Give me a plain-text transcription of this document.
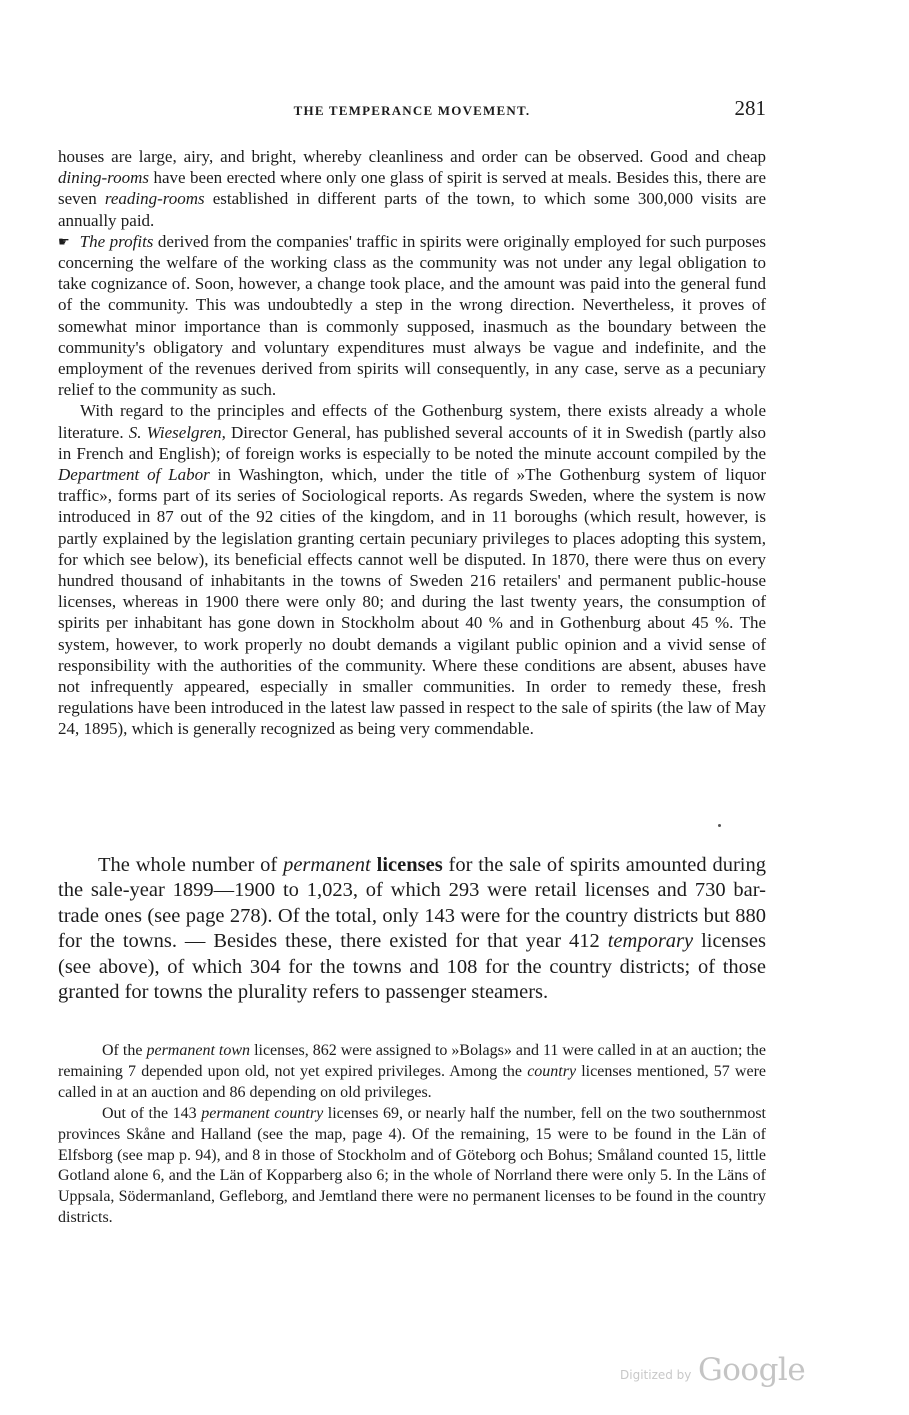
THE TEMPERANCE MOVEMENT.	281

houses are large, airy, and bright, whereby cleanliness and order can be observed. Good and cheap dining-rooms have been erected where only one glass of spirit is served at meals. Besides this, there are seven reading-rooms established in different parts of the town, to which some 300,000 visits are annually paid.

☛ The profits derived from the companies' traffic in spirits were originally employed for such purposes concerning the welfare of the working class as the community was not under any legal obligation to take cognizance of. Soon, however, a change took place, and the amount was paid into the general fund of the community. This was undoubtedly a step in the wrong direction. Nevertheless, it proves of somewhat minor importance than is commonly supposed, inasmuch as the boundary between the community's obligatory and voluntary expenditures must always be vague and indefinite, and the employment of the revenues derived from spirits will consequently, in any case, serve as a pecuniary relief to the community as such.

With regard to the principles and effects of the Gothenburg system, there exists already a whole literature. S. Wieselgren, Director General, has published several accounts of it in Swedish (partly also in French and English); of foreign works is especially to be noted the minute account compiled by the Department of Labor in Washington, which, under the title of »The Gothenburg system of liquor traffic», forms part of its series of Sociological reports. As regards Sweden, where the system is now introduced in 87 out of the 92 cities of the kingdom, and in 11 boroughs (which result, however, is partly explained by the legislation granting certain pecuniary privileges to places adopting this system, for which see below), its beneficial effects cannot well be disputed. In 1870, there were thus on every hundred thousand of inhabitants in the towns of Sweden 216 retailers' and permanent public-house licenses, whereas in 1900 there were only 80; and during the last twenty years, the consumption of spirits per inhabitant has gone down in Stockholm about 40 % and in Gothenburg about 45 %. The system, however, to work properly no doubt demands a vigilant public opinion and a vivid sense of responsibility with the authorities of the community. Where these conditions are absent, abuses have not infrequently appeared, especially in smaller communities. In order to remedy these, fresh regulations have been introduced in the latest law passed in respect to the sale of spirits (the law of May 24, 1895), which is generally recognized as being very commendable.

The whole number of permanent licenses for the sale of spirits amounted during the sale-year 1899—1900 to 1,023, of which 293 were retail licenses and 730 bar-trade ones (see page 278). Of the total, only 143 were for the country districts but 880 for the towns. — Besides these, there existed for that year 412 temporary licenses (see above), of which 304 for the towns and 108 for the country districts; of those granted for towns the plurality refers to passenger steamers.

Of the permanent town licenses, 862 were assigned to »Bolags» and 11 were called in at an auction; the remaining 7 depended upon old, not yet expired privileges. Among the country licenses mentioned, 57 were called in at an auction and 86 depending on old privileges.

Out of the 143 permanent country licenses 69, or nearly half the number, fell on the two southernmost provinces Skåne and Halland (see the map, page 4). Of the remaining, 15 were to be found in the Län of Elfsborg (see map p. 94), and 8 in those of Stockholm and of Göteborg och Bohus; Småland counted 15, little Gotland alone 6, and the Län of Kopparberg also 6; in the whole of Norrland there were only 5. In the Läns of Uppsala, Södermanland, Gefleborg, and Jemtland there were no permanent licenses to be found in the country districts.

Digitized by Google
